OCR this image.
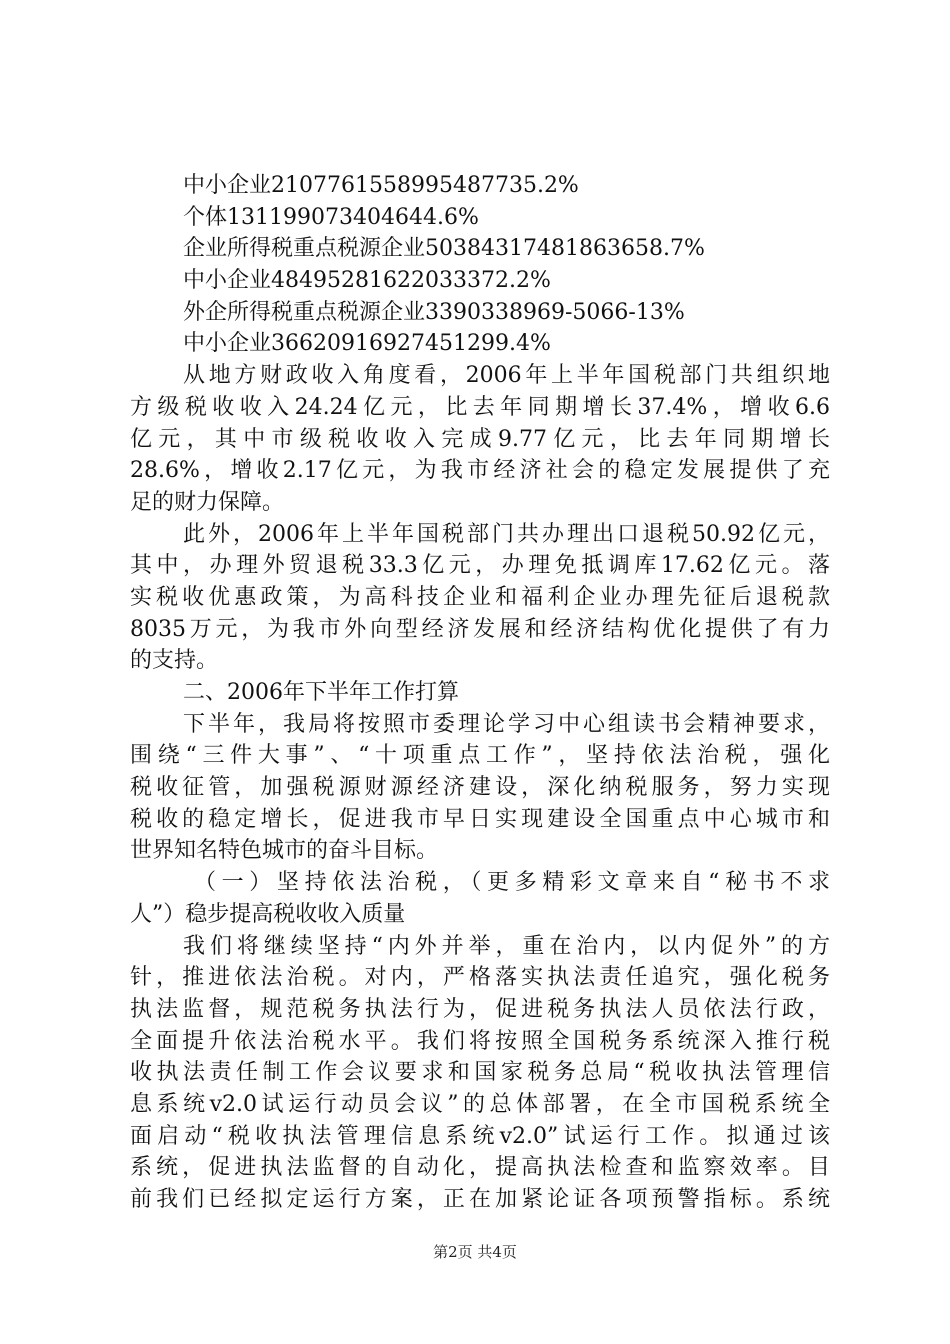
中小企业2107761558995487735.2%
个体131199073404644.6%
企业所得税重点税源企业50384317481863658.7%
中小企业48495281622033372.2%
外企所得税重点税源企业3390338969-5066-13%
中小企业36620916927451299.4%
从地方财政收入角度看，2006年上半年国税部门共组织地
方级税收收入24.24亿元，比去年同期增长37.4%，增收6.6
亿元，其中市级税收收入完成9.77亿元，比去年同期增长
28.6%，增收2.17亿元，为我市经济社会的稳定发展提供了充
足的财力保障。
此外，2006年上半年国税部门共办理出口退税50.92亿元，
其中，办理外贸退税33.3亿元，办理免抵调库17.62亿元。落
实税收优惠政策，为高科技企业和福利企业办理先征后退税款
8035万元，为我市外向型经济发展和经济结构优化提供了有力
的支持。
二、2006年下半年工作打算
下半年，我局将按照市委理论学习中心组读书会精神要求，
围绕“三件大事”、“十项重点工作”，坚持依法治税，强化
税收征管，加强税源财源经济建设，深化纳税服务，努力实现
税收的稳定增长，促进我市早日实现建设全国重点中心城市和
世界知名特色城市的奋斗目标。
（一）坚持依法治税，（更多精彩文章来自“秘书不求
人”）稳步提高税收收入质量
我们将继续坚持“内外并举，重在治内，以内促外”的方
针，推进依法治税。对内，严格落实执法责任追究，强化税务
执法监督，规范税务执法行为，促进税务执法人员依法行政，
全面提升依法治税水平。我们将按照全国税务系统深入推行税
收执法责任制工作会议要求和国家税务总局“税收执法管理信
息系统v2.0试运行动员会议”的总体部署，在全市国税系统全
面启动“税收执法管理信息系统v2.0”试运行工作。拟通过该
系统，促进执法监督的自动化，提高执法检查和监察效率。目
前我们已经拟定运行方案，正在加紧论证各项预警指标。系统
第2页 共4页
